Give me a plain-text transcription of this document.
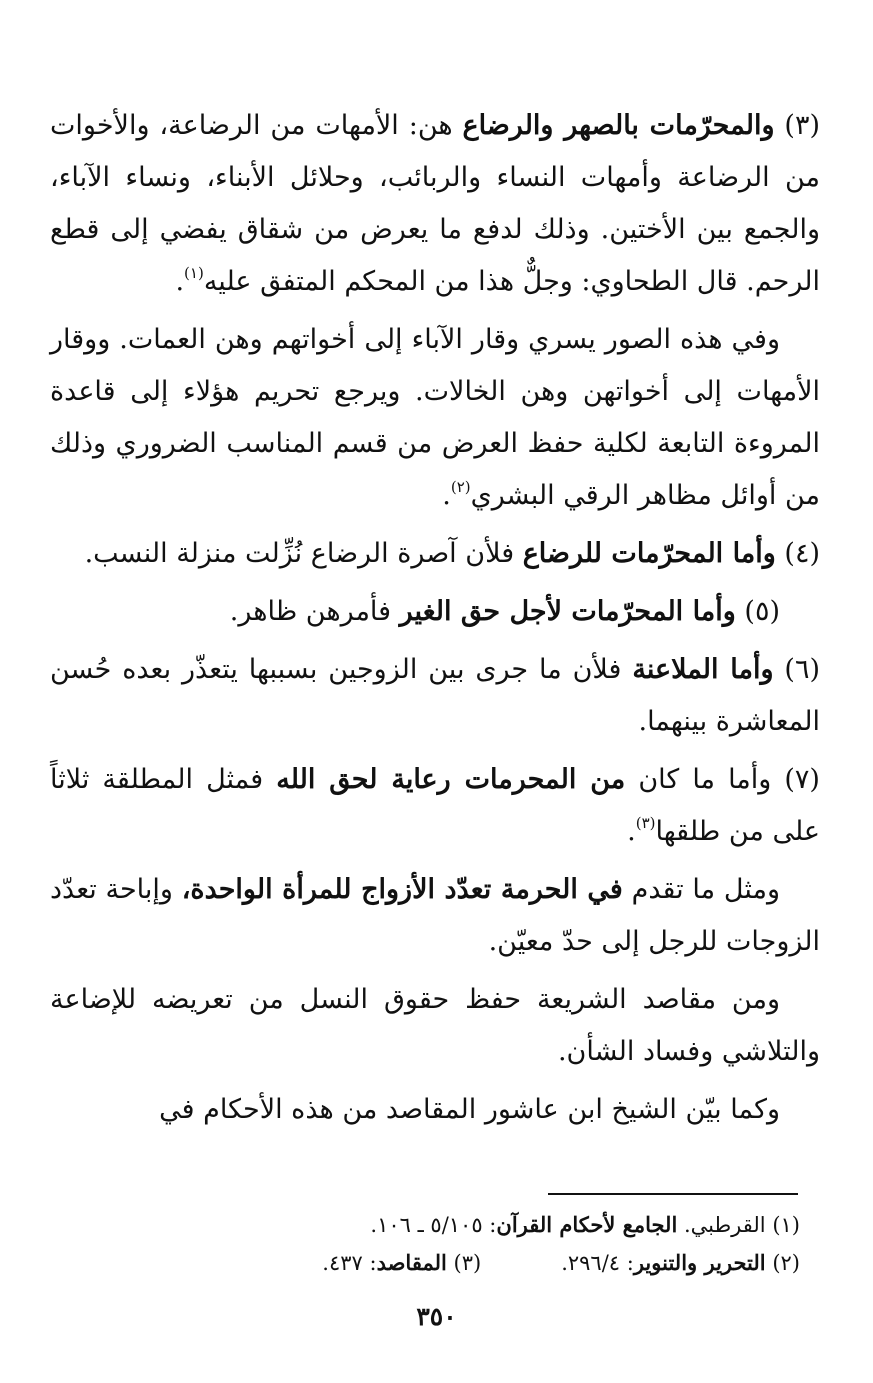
(٣) والمحرّمات بالصهر والرضاع هن: الأمهات من الرضاعة، والأخوات من الرضاعة وأمهات النساء والربائب، وحلائل الأبناء، ونساء الآباء، والجمع بين الأختين. وذلك لدفع ما يعرض من شقاق يفضي إلى قطع الرحم. قال الطحاوي: وجلٌّ هذا من المحكم المتفق عليه$^{(١)}$.

وفي هذه الصور يسري وقار الآباء إلى أخواتهم وهن العمات. ووقار الأمهات إلى أخواتهن وهن الخالات. ويرجع تحريم هؤلاء إلى قاعدة المروءة التابعة لكلية حفظ العرض من قسم المناسب الضروري وذلك من أوائل مظاهر الرقي البشري$^{(٢)}$.

(٤) وأما المحرّمات للرضاع فلأن آصرة الرضاع نُزِّلت منزلة النسب.

(٥) وأما المحرّمات لأجل حق الغير فأمرهن ظاهر.

(٦) وأما الملاعنة فلأن ما جرى بين الزوجين بسببها يتعذّر بعده حُسن المعاشرة بينهما.

(٧) وأما ما كان من المحرمات رعاية لحق الله فمثل المطلقة ثلاثاً على من طلقها$^{(٣)}$.

ومثل ما تقدم في الحرمة تعدّد الأزواج للمرأة الواحدة، وإباحة تعدّد الزوجات للرجل إلى حدّ معيّن.

ومن مقاصد الشريعة حفظ حقوق النسل من تعريضه للإضاعة والتلاشي وفساد الشأن.

وكما بيّن الشيخ ابن عاشور المقاصد من هذه الأحكام في

(١) القرطبي. الجامع لأحكام القرآن: ٥/١٠٥ ـ ١٠٦.
(٢) التحرير والتنوير: ٢٩٦/٤.(٣) المقاصد: ٤٣٧.
٣٥٠
